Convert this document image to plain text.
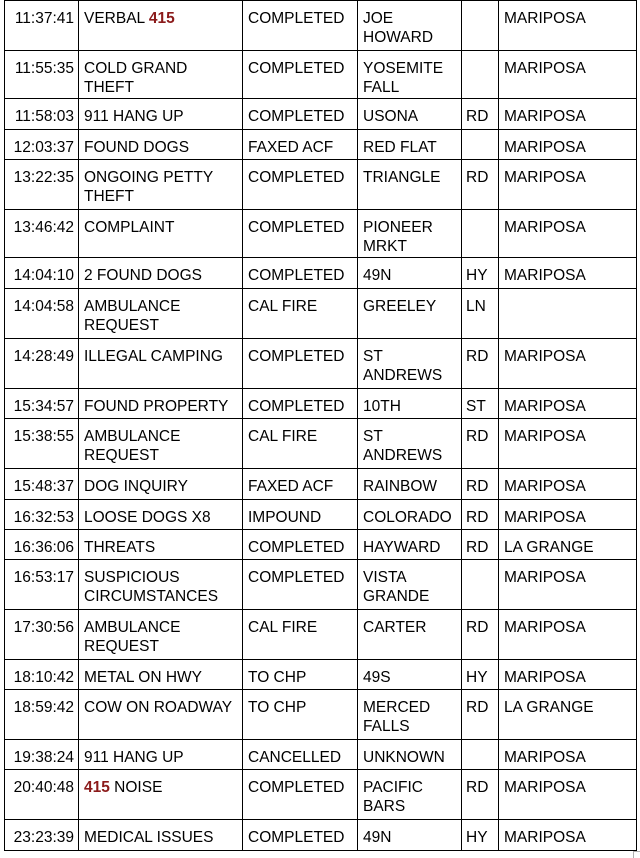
11:37:41	VERBAL 415	COMPLETED	JOE HOWARD		MARIPOSA
11:55:35	COLD GRAND THEFT	COMPLETED	YOSEMITE FALL		MARIPOSA
11:58:03	911 HANG UP	COMPLETED	USONA	RD	MARIPOSA
12:03:37	FOUND DOGS	FAXED ACF	RED FLAT		MARIPOSA
13:22:35	ONGOING PETTY THEFT	COMPLETED	TRIANGLE	RD	MARIPOSA
13:46:42	COMPLAINT	COMPLETED	PIONEER MRKT		MARIPOSA
14:04:10	2 FOUND DOGS	COMPLETED	49N	HY	MARIPOSA
14:04:58	AMBULANCE REQUEST	CAL FIRE	GREELEY	LN	
14:28:49	ILLEGAL CAMPING	COMPLETED	ST ANDREWS	RD	MARIPOSA
15:34:57	FOUND PROPERTY	COMPLETED	10TH	ST	MARIPOSA
15:38:55	AMBULANCE REQUEST	CAL FIRE	ST ANDREWS	RD	MARIPOSA
15:48:37	DOG INQUIRY	FAXED ACF	RAINBOW	RD	MARIPOSA
16:32:53	LOOSE DOGS X8	IMPOUND	COLORADO	RD	MARIPOSA
16:36:06	THREATS	COMPLETED	HAYWARD	RD	LA GRANGE
16:53:17	SUSPICIOUS CIRCUMSTANCES	COMPLETED	VISTA GRANDE		MARIPOSA
17:30:56	AMBULANCE REQUEST	CAL FIRE	CARTER	RD	MARIPOSA
18:10:42	METAL ON HWY	TO CHP	49S	HY	MARIPOSA
18:59:42	COW ON ROADWAY	TO CHP	MERCED FALLS	RD	LA GRANGE
19:38:24	911 HANG UP	CANCELLED	UNKNOWN		MARIPOSA
20:40:48	415 NOISE	COMPLETED	PACIFIC BARS	RD	MARIPOSA
23:23:39	MEDICAL ISSUES	COMPLETED	49N	HY	MARIPOSA
